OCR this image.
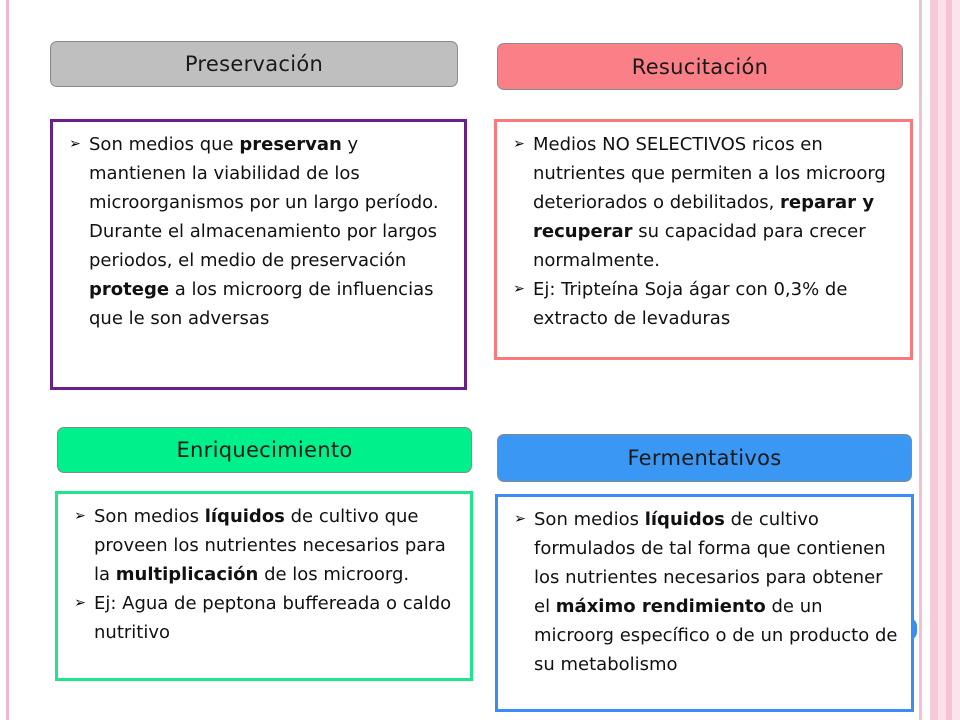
Preservación
➢ Son medios que preservan y mantienen la viabilidad de los microorganismos por un largo período. Durante el almacenamiento por largos periodos, el medio de preservación protege a los microorg de influencias que le son adversas
Resucitación
➢ Medios NO SELECTIVOS ricos en nutrientes que permiten a los microorg deteriorados o debilitados, reparar y recuperar su capacidad para crecer normalmente.
➢ Ej: Tripteína Soja ágar con 0,3% de extracto de levaduras
Enriquecimiento
➢ Son medios líquidos de cultivo que proveen los nutrientes necesarios para la multiplicación de los microorg.
➢ Ej: Agua de peptona buffereada o caldo nutritivo
Fermentativos
➢ Son medios líquidos de cultivo formulados de tal forma que contienen los nutrientes necesarios para obtener el máximo rendimiento de un microorg específico o de un producto de su metabolismo
